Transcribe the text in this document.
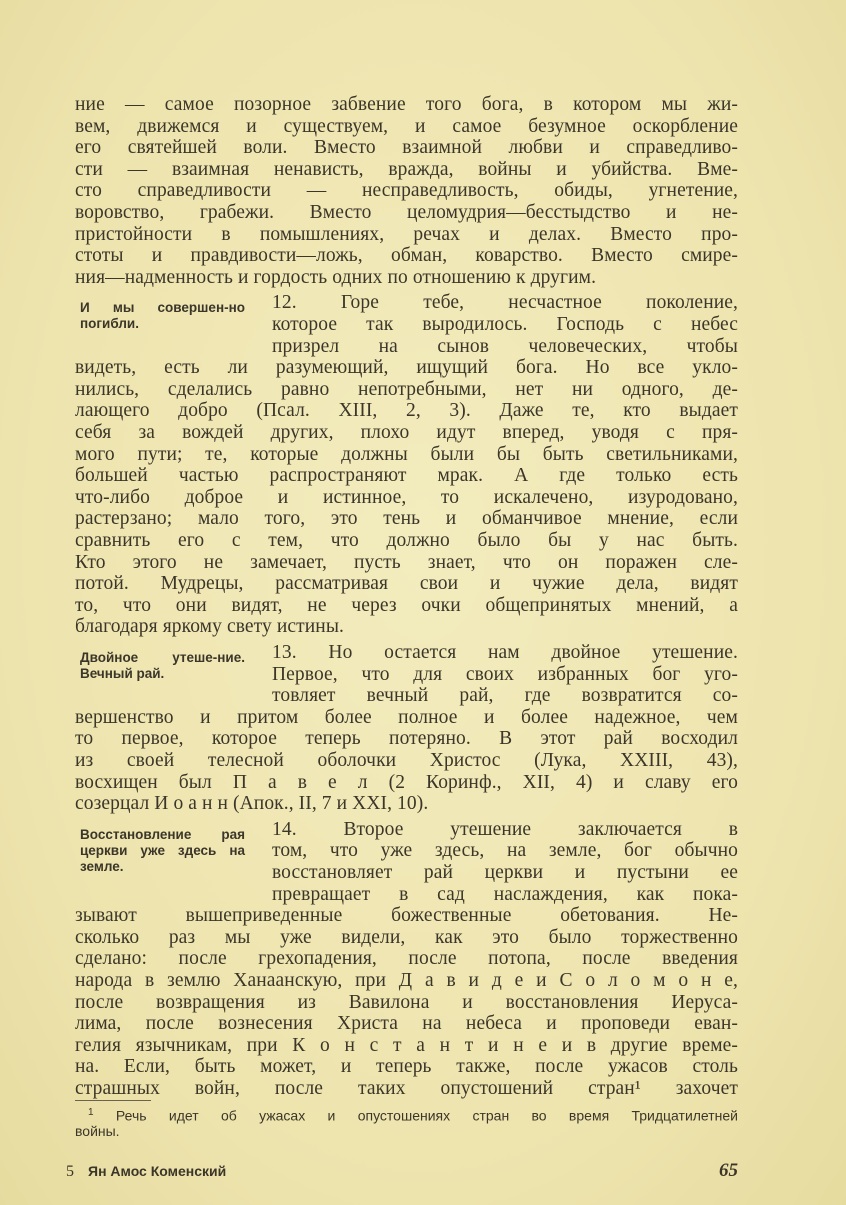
ние — самое позорное забвение того бога, в котором мы жи-
вем, движемся и существуем, и самое безумное оскорбление
его святейшей воли. Вместо взаимной любви и справедливо-
сти — взаимная ненависть, вражда, войны и убийства. Вме-
сто справедливости — несправедливость, обиды, угнетение,
воровство, грабежи. Вместо целомудрия—бесстыдство и не-
пристойности в помышлениях, речах и делах. Вместо про-
стоты и правдивости—ложь, обман, коварство. Вместо смире-
ния—надменность и гордость одних по отношению к другим.
12. Горе тебе, несчастное поколение,
которое так выродилось. Господь с небес
призрел на сынов человеческих, чтобы
видеть, есть ли разумеющий, ищущий бога. Но все укло-
нились, сделались равно непотребными, нет ни одного, де-
лающего добро (Псал. XIII, 2, 3). Даже те, кто выдает
себя за вождей других, плохо идут вперед, уводя с пря-
мого пути; те, которые должны были бы быть светильниками,
большей частью распространяют мрак. А где только есть
что-либо доброе и истинное, то искалечено, изуродовано,
растерзано; мало того, это тень и обманчивое мнение, если
сравнить его с тем, что должно было бы у нас быть.
Кто этого не замечает, пусть знает, что он поражен сле-
потой. Мудрецы, рассматривая свои и чужие дела, видят
то, что они видят, не через очки общепринятых мнений, а
благодаря яркому свету истины.
13. Но остается нам двойное утешение.
Первое, что для своих избранных бог уго-
товляет вечный рай, где возвратится со-
вершенство и притом более полное и более надежное, чем
то первое, которое теперь потеряно. В этот рай восходил
из своей телесной оболочки Христос (Лука, XXIII, 43),
восхищен был П а в е л (2 Коринф., XII, 4) и славу его
созерцал И о а н н (Апок., II, 7 и XXI, 10).
14. Второе утешение заключается в
том, что уже здесь, на земле, бог обычно
восстановляет рай церкви и пустыни ее
превращает в сад наслаждения, как пока-
зывают вышеприведенные божественные обетования. Не-
сколько раз мы уже видели, как это было торжественно
сделано: после грехопадения, после потопа, после введения
народа в землю Ханаанскую, при Д а в и д е и С о л о м о н е,
после возвращения из Вавилона и восстановления Иеруса-
лима, после вознесения Христа на небеса и проповеди еван-
гелия язычникам, при К о н с т а н т и н е и в другие време-
на. Если, быть может, и теперь также, после ужасов столь
страшных войн, после таких опустошений стран¹ захочет
И мы совершен-но погибли.
Двойное утеше-ние. Вечный рай.
Восстановление рая церкви уже здесь на земле.
$^1$ Речь идет об ужасах и опустошениях стран во время Тридцатилетней
войны.
5 Ян Амос Коменский	65
